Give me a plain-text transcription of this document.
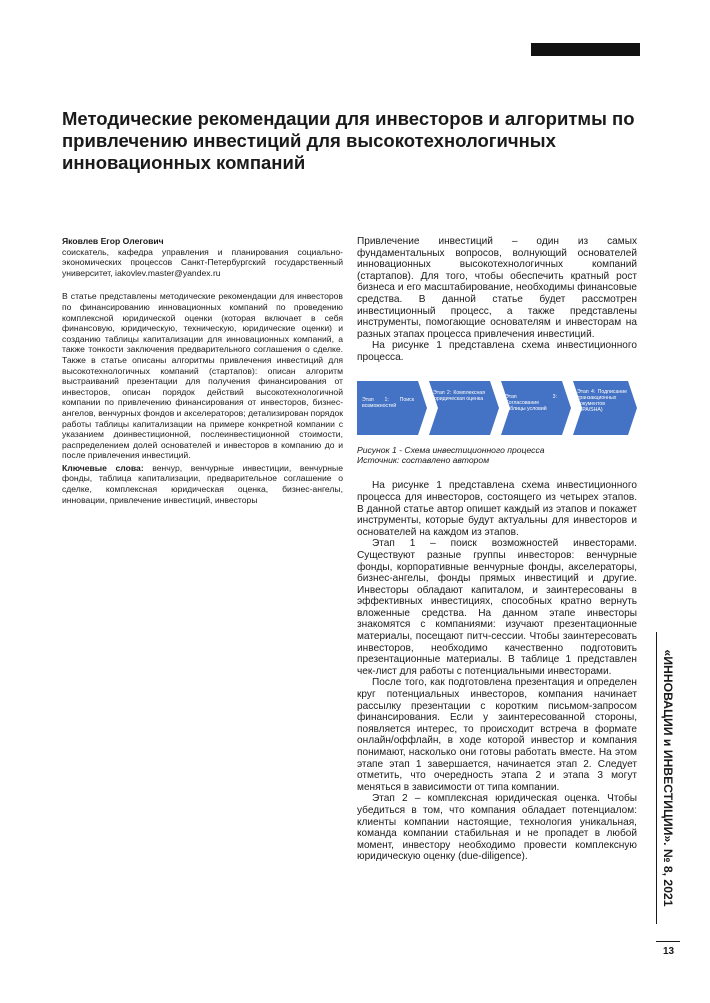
Методические рекомендации для инвесторов и алгоритмы по привлечению инвестиций для высокотехнологичных инновационных компаний

Яковлев Егор Олегович

соискатель, кафедра управления и планирования социально-экономических процессов Санкт-Петербургский государственный университет, iakovlev.master@yandex.ru

В статье представлены методические рекомендации для инвесторов по финансированию инновационных компаний по проведению комплексной юридической оценки (которая включает в себя финансовую, юридическую, техническую, юридические оценки) и созданию таблицы капитализации для инновационных компаний, а также тонкости заключения предварительного соглашения о сделке. Также в статье описаны алгоритмы привлечения инвестиций для высокотехнологичных компаний (стартапов): описан алгоритм выстраиваний презентации для получения финансирования от инвесторов, описан порядок действий высокотехнологичной компании по привлечению финансирования от инвесторов, бизнес-ангелов, венчурных фондов и акселераторов; детализирован порядок работы таблицы капитализации на примере конкретной компании с указанием доинвестиционной, послеинвестиционной стоимости, распределением долей основателей и инвесторов в компанию до и после привлечения инвестиций.

Ключевые слова: венчур, венчурные инвестиции, венчурные фонды, таблица капитализации, предварительное соглашение о сделке, комплексная юридическая оценка, бизнес-ангелы, инновации, привлечение инвестиций, инвесторы

Привлечение инвестиций – один из самых фундаментальных вопросов, волнующий основателей инновационных высокотехнологичных компаний (стартапов). Для того, чтобы обеспечить кратный рост бизнеса и его масштабирование, необходимы финансовые средства. В данной статье будет рассмотрен инвестиционный процесс, а также представлены инструменты, помогающие основателям и инвесторам на разных этапах процесса привлечения инвестиций.

На рисунке 1 представлена схема инвестиционного процесса.

Этап 1: Поиск возможностей
Этап 2: Комплексная юридическая оценка	Этап 3: Согласование таблицы условий
Этап 4: Подписание транзакционных документов (SPA/SHA)

Рисунок 1 - Схема инвестиционного процесса
Источник: составлено автором

На рисунке 1 представлена схема инвестиционного процесса для инвесторов, состоящего из четырех этапов. В данной статье автор опишет каждый из этапов и покажет инструменты, которые будут актуальны для инвесторов и основателей на каждом из этапов.

Этап 1 – поиск возможностей инвесторами. Существуют разные группы инвесторов: венчурные фонды, корпоративные венчурные фонды, акселераторы, бизнес-ангелы, фонды прямых инвестиций и другие. Инвесторы обладают капиталом, и заинтересованы в эффективных инвестициях, способных кратно вернуть вложенные средства. На данном этапе инвесторы знакомятся с компаниями: изучают презентационные материалы, посещают питч-сессии. Чтобы заинтересовать инвесторов, необходимо качественно подготовить презентационные материалы. В таблице 1 представлен чек-лист для работы с потенциальными инвесторами.

После того, как подготовлена презентация и определен круг потенциальных инвесторов, компания начинает рассылку презентации с коротким письмом-запросом финансирования. Если у заинтересованной стороны, появляется интерес, то происходит встреча в формате онлайн/оффлайн, в ходе которой инвестор и компания понимают, насколько они готовы работать вместе. На этом этапе этап 1 завершается, начинается этап 2. Следует отметить, что очередность этапа 2 и этапа 3 могут меняться в зависимости от типа компании.

Этап 2 – комплексная юридическая оценка. Чтобы убедиться в том, что компания обладает потенциалом: клиенты компании настоящие, технология уникальная, команда компании стабильная и не пропадет в любой момент, инвестору необходимо провести комплексную юридическую оценку (due-diligence).	«ИННОВАЦИИ и ИНВЕСТИЦИИ». № 8, 2021
13
